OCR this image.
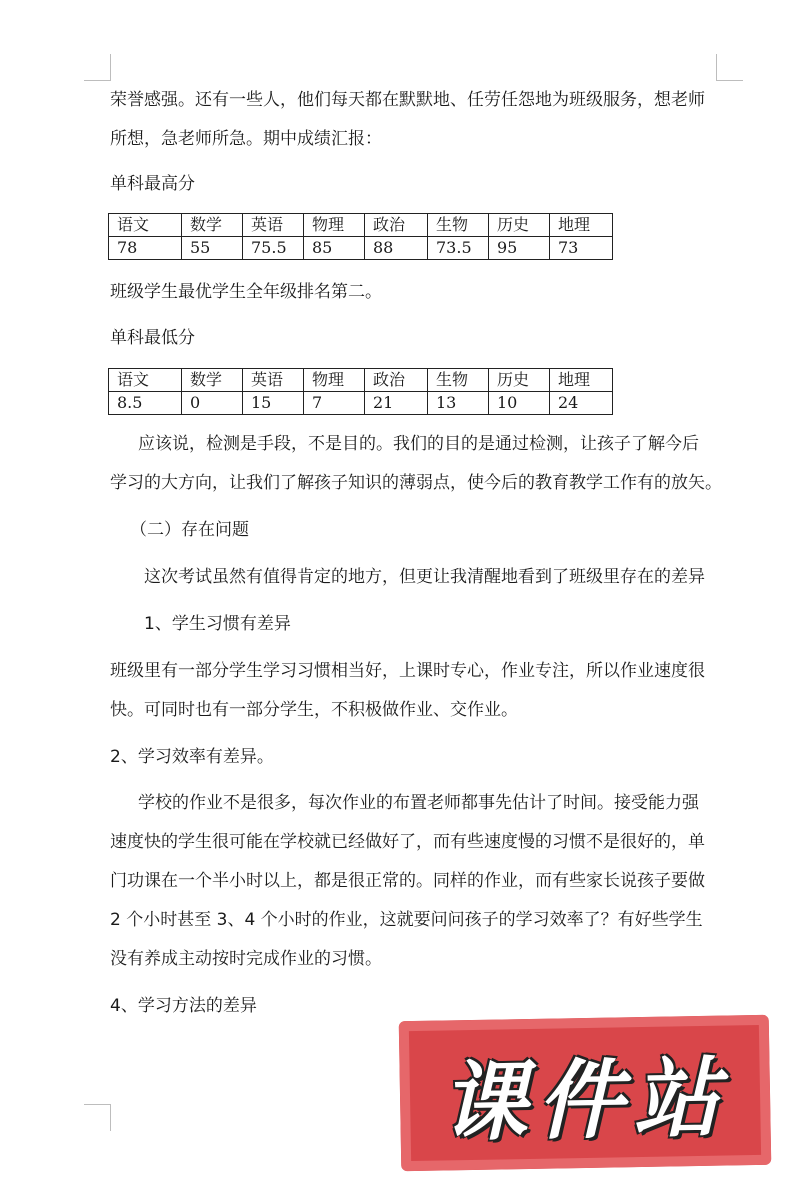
荣誉感强。还有一些人，他们每天都在默默地、任劳任怨地为班级服务，想老师

所想，急老师所急。期中成绩汇报：

单科最高分

语文	数学	英语	物理	政治	生物	历史	地理
78	55	75.5	85	88	73.5	95	73

班级学生最优学生全年级排名第二。

单科最低分

语文	数学	英语	物理	政治	生物	历史	地理
8.5	0	15	7	21	13	10	24

应该说，检测是手段，不是目的。我们的目的是通过检测，让孩子了解今后

学习的大方向，让我们了解孩子知识的薄弱点，使今后的教育教学工作有的放矢。

（二）存在问题

这次考试虽然有值得肯定的地方，但更让我清醒地看到了班级里存在的差异

1、学生习惯有差异

班级里有一部分学生学习习惯相当好，上课时专心，作业专注，所以作业速度很

快。可同时也有一部分学生，不积极做作业、交作业。

2、学习效率有差异。

学校的作业不是很多，每次作业的布置老师都事先估计了时间。接受能力强

速度快的学生很可能在学校就已经做好了，而有些速度慢的习惯不是很好的，单

门功课在一个半小时以上，都是很正常的。同样的作业，而有些家长说孩子要做

2 个小时甚至 3、4 个小时的作业，这就要问问孩子的学习效率了？有好些学生

没有养成主动按时完成作业的习惯。

4、学习方法的差异

课件站
